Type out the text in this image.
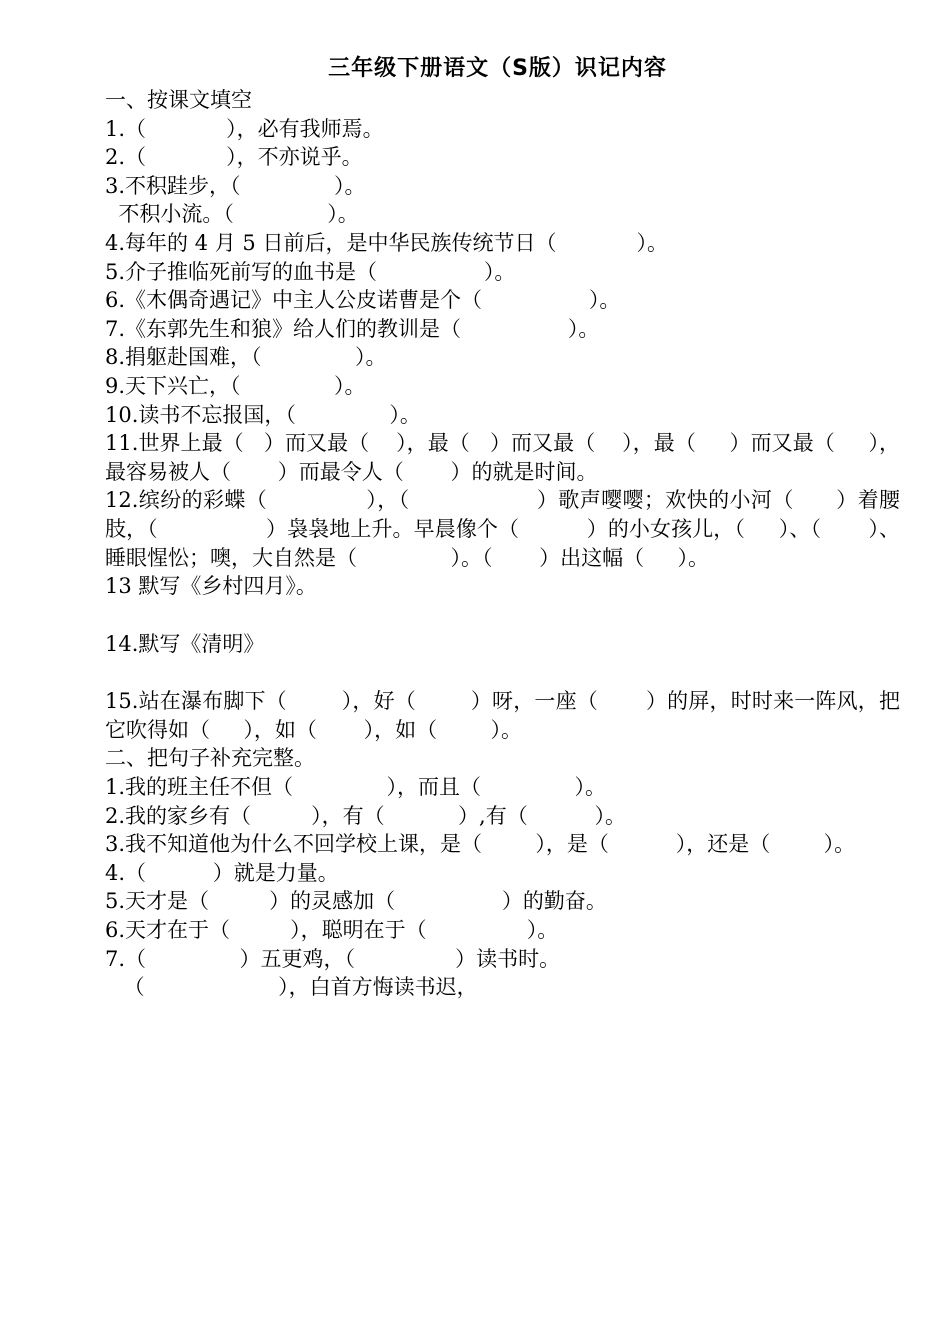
三年级下册语文（S版）识记内容
一、按课文填空
1.（            ），必有我师焉。
2.（            ），不亦说乎。
3.不积跬步，（              ）。
不积小流。（              ）。
4.每年的 4 月 5 日前后，是中华民族传统节日（            ）。
5.介子推临死前写的血书是（                ）。
6.《木偶奇遇记》中主人公皮诺曹是个（                ）。
7.《东郭先生和狼》给人们的教训是（                ）。
8.捐躯赴国难，（              ）。
9.天下兴亡，（              ）。
10.读书不忘报国，（              ）。
11.世界上最（   ）而又最（    ），最（   ）而又最（    ），最（     ）而又最（     ），最容易被人（       ）而最令人（       ）的就是时间。
12.缤纷的彩蝶（              ），（                  ）歌声嘤嘤；欢快的小河（      ）着腰肢，（                ）袅袅地上升。早晨像个（          ）的小女孩儿，（     ）、（       ）、睡眼惺忪；噢，大自然是（              ）。（       ）出这幅（     ）。
13 默写《乡村四月》。
14.默写《清明》
15.站在瀑布脚下（        ），好（        ）呀，一座（       ）的屏，时时来一阵风，把它吹得如（     ），如（       ），如（        ）。
二、把句子补充完整。
1.我的班主任不但（              ），而且（              ）。
2.我的家乡有（         ），有（           ）,有（          ）。
3.我不知道他为什么不回学校上课，是（        ），是（          ），还是（        ）。
4.（          ）就是力量。
5.天才是（         ）的灵感加（                ）的勤奋。
6.天才在于（         ），聪明在于（               ）。
7.（              ）五更鸡，（               ）读书时。
（                    ），白首方悔读书迟，
